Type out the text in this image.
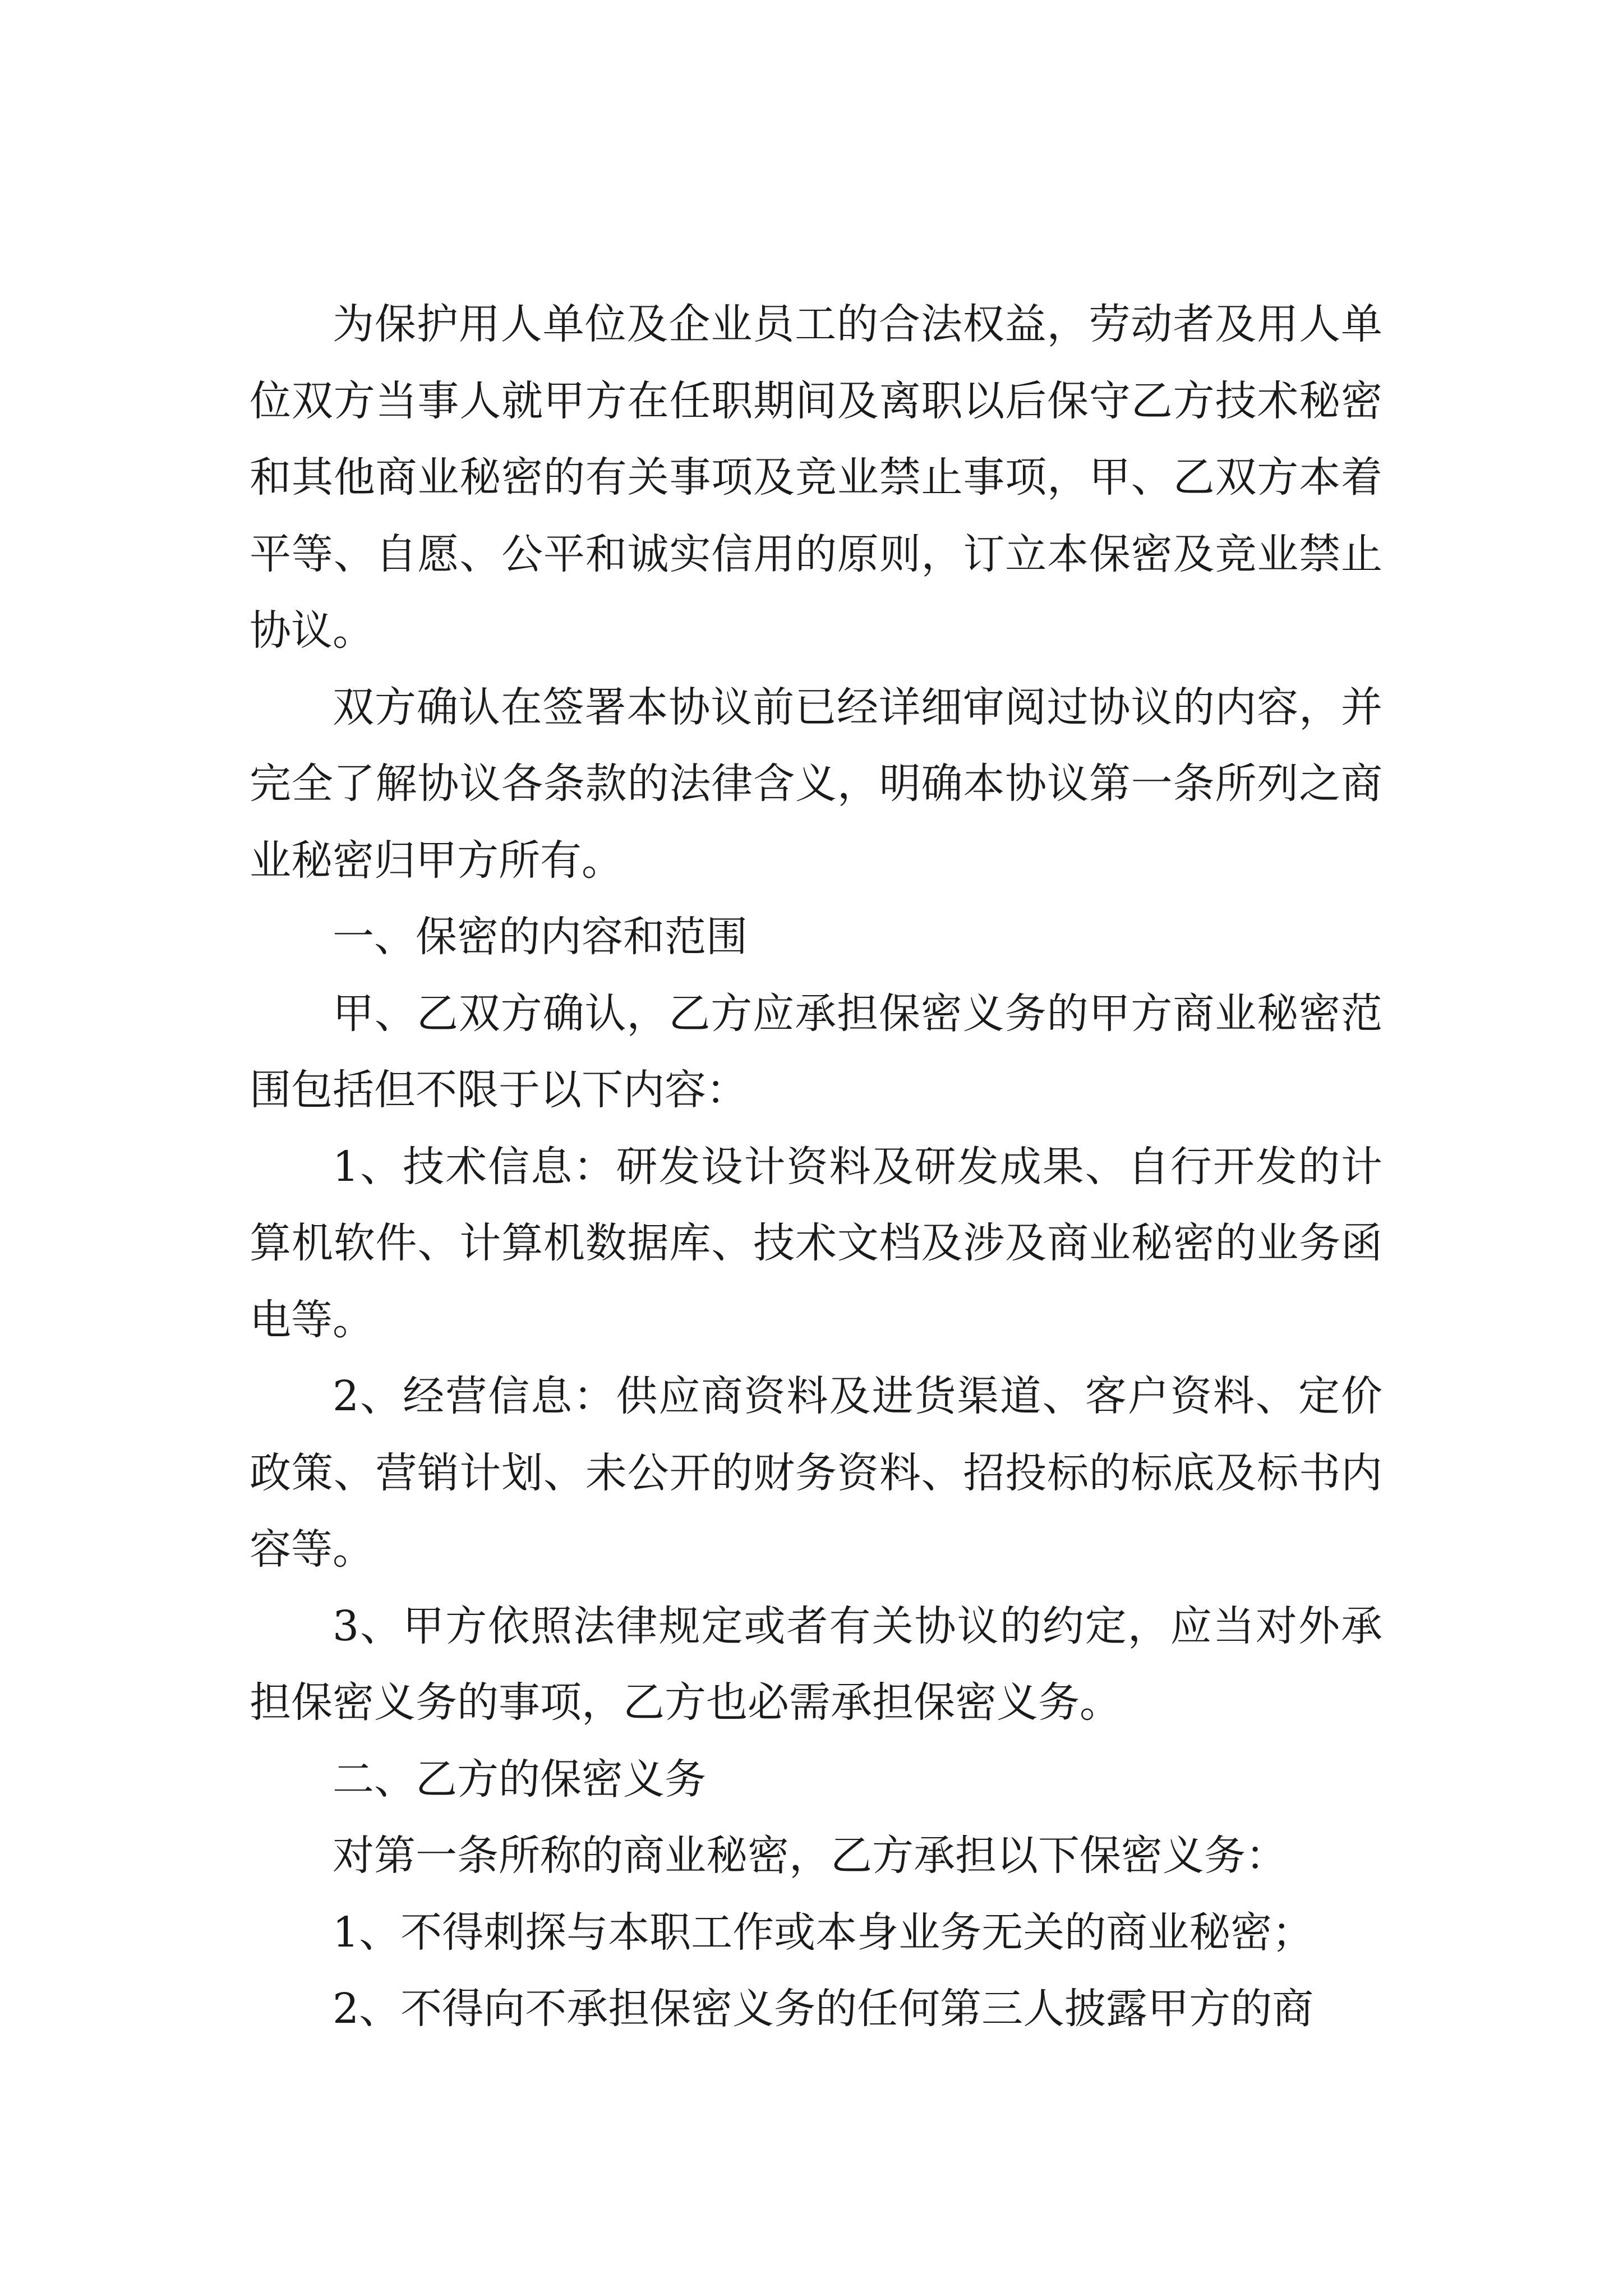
为保护用人单位及企业员工的合法权益，劳动者及用人单位双方当事人就甲方在任职期间及离职以后保守乙方技术秘密和其他商业秘密的有关事项及竞业禁止事项，甲、乙双方本着平等、自愿、公平和诚实信用的原则，订立本保密及竞业禁止协议。

双方确认在签署本协议前已经详细审阅过协议的内容，并完全了解协议各条款的法律含义，明确本协议第一条所列之商业秘密归甲方所有。

一、保密的内容和范围

甲、乙双方确认，乙方应承担保密义务的甲方商业秘密范围包括但不限于以下内容：

1、技术信息：研发设计资料及研发成果、自行开发的计算机软件、计算机数据库、技术文档及涉及商业秘密的业务函电等。

2、经营信息：供应商资料及进货渠道、客户资料、定价政策、营销计划、未公开的财务资料、招投标的标底及标书内容等。

3、甲方依照法律规定或者有关协议的约定，应当对外承担保密义务的事项，乙方也必需承担保密义务。

二、乙方的保密义务

对第一条所称的商业秘密，乙方承担以下保密义务：

1、不得刺探与本职工作或本身业务无关的商业秘密；

2、不得向不承担保密义务的任何第三人披露甲方的商
